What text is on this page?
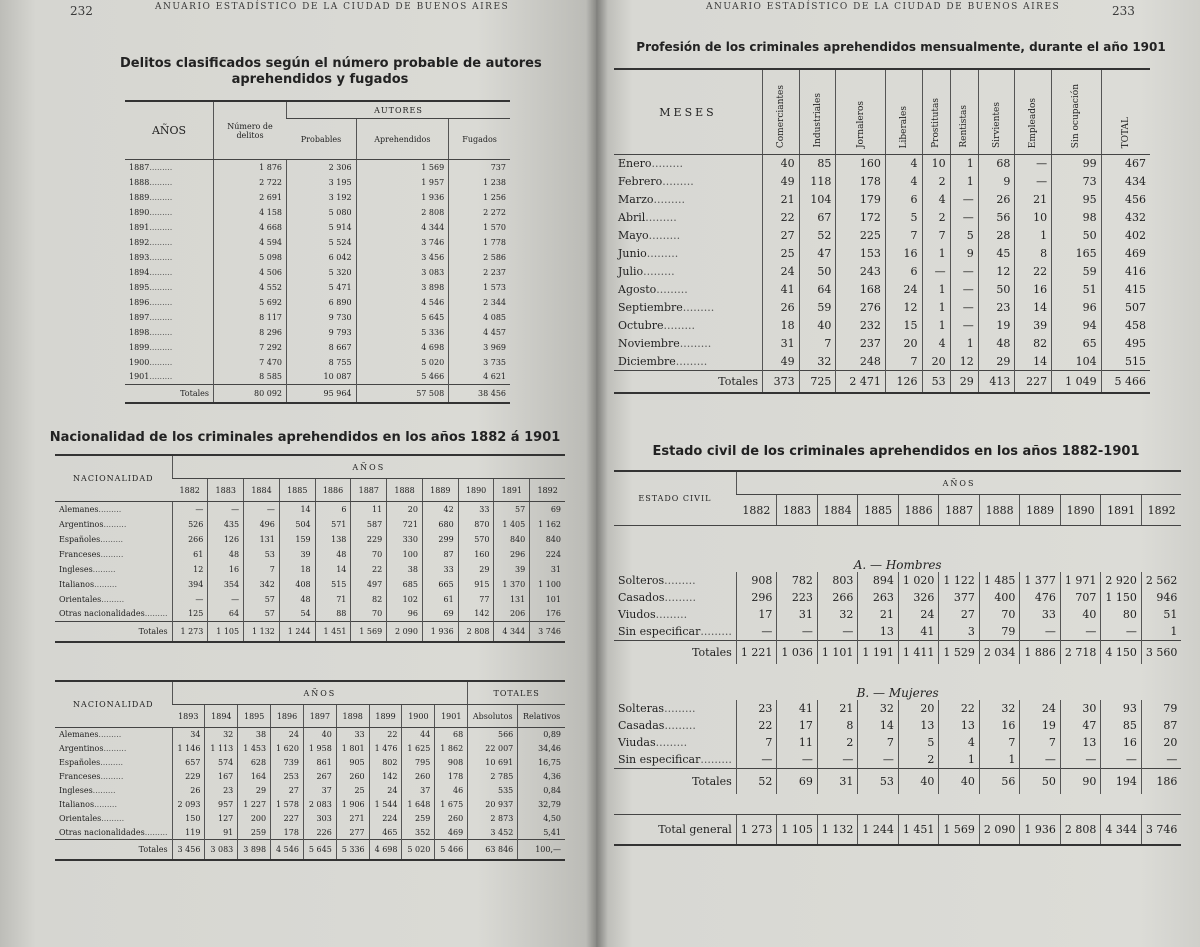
232	ANUARIO ESTADÍSTICO DE LA CIUDAD DE BUENOS AIRES
Delitos clasificados según el número probable de autores
aprehendidos y fugados
AÑOS	Número de delitos	AUTORES		
		Probables	Aprehendidos	Fugados
1887.........	1 876	2 306	1 569	737
1888.........	2 722	3 195	1 957	1 238
1889.........	2 691	3 192	1 936	1 256
1890.........	4 158	5 080	2 808	2 272
1891.........	4 668	5 914	4 344	1 570
1892.........	4 594	5 524	3 746	1 778
1893.........	5 098	6 042	3 456	2 586
1894.........	4 506	5 320	3 083	2 237
1895.........	4 552	5 471	3 898	1 573
1896.........	5 692	6 890	4 546	2 344
1897.........	8 117	9 730	5 645	4 085
1898.........	8 296	9 793	5 336	4 457
1899.........	7 292	8 667	4 698	3 969
1900.........	7 470	8 755	5 020	3 735
1901.........	8 585	10 087	5 466	4 621
Totales	80 092	95 964	57 508	38 456
Nacionalidad de los criminales aprehendidos en los años 1882 á 1901
NACIONALIDAD	AÑOS										
	1882	1883	1884	1885	1886	1887	1888	1889	1890	1891	1892
Alemanes.........	—	—	—	14	6	11	20	42	33	57	69
Argentinos.........	526	435	496	504	571	587	721	680	870	1 405	1 162
Españoles.........	266	126	131	159	138	229	330	299	570	840	840
Franceses.........	61	48	53	39	48	70	100	87	160	296	224
Ingleses.........	12	16	7	18	14	22	38	33	29	39	31
Italianos.........	394	354	342	408	515	497	685	665	915	1 370	1 100
Orientales.........	—	—	57	48	71	82	102	61	77	131	101
Otras nacionalidades.........	125	64	57	54	88	70	96	69	142	206	176
Totales	1 273	1 105	1 132	1 244	1 451	1 569	2 090	1 936	2 808	4 344	3 746
NACIONALIDAD	AÑOS									TOTALES	
	1893	1894	1895	1896	1897	1898	1899	1900	1901	Absolutos	Relativos
Alemanes.........	34	32	38	24	40	33	22	44	68	566	0,89
Argentinos.........	1 146	1 113	1 453	1 620	1 958	1 801	1 476	1 625	1 862	22 007	34,46
Españoles.........	657	574	628	739	861	905	802	795	908	10 691	16,75
Franceses.........	229	167	164	253	267	260	142	260	178	2 785	4,36
Ingleses.........	26	23	29	27	37	25	24	37	46	535	0,84
Italianos.........	2 093	957	1 227	1 578	2 083	1 906	1 544	1 648	1 675	20 937	32,79
Orientales.........	150	127	200	227	303	271	224	259	260	2 873	4,50
Otras nacionalidades.........	119	91	259	178	226	277	465	352	469	3 452	5,41
Totales	3 456	3 083	3 898	4 546	5 645	5 336	4 698	5 020	5 466	63 846	100,—
ANUARIO ESTADÍSTICO DE LA CIUDAD DE BUENOS AIRES	233
Profesión de los criminales aprehendidos mensualmente, durante el año 1901
MESES	Comerciantes	Industriales	Jornaleros	Liberales	Prostitutas	Rentistas	Sirvientes	Empleados	Sin ocupación	TOTAL
Enero.........	40	85	160	4	10	1	68	—	99	467
Febrero.........	49	118	178	4	2	1	9	—	73	434
Marzo.........	21	104	179	6	4	—	26	21	95	456
Abril.........	22	67	172	5	2	—	56	10	98	432
Mayo.........	27	52	225	7	7	5	28	1	50	402
Junio.........	25	47	153	16	1	9	45	8	165	469
Julio.........	24	50	243	6	—	—	12	22	59	416
Agosto.........	41	64	168	24	1	—	50	16	51	415
Septiembre.........	26	59	276	12	1	—	23	14	96	507
Octubre.........	18	40	232	15	1	—	19	39	94	458
Noviembre.........	31	7	237	20	4	1	48	82	65	495
Diciembre.........	49	32	248	7	20	12	29	14	104	515
Totales	373	725	2 471	126	53	29	413	227	1 049	5 466
Estado civil de los criminales aprehendidos en los años 1882-1901
ESTADO CIVIL	AÑOS										
	1882	1883	1884	1885	1886	1887	1888	1889	1890	1891	1892

A. — Hombres											
Solteros.........	908	782	803	894	1 020	1 122	1 485	1 377	1 971	2 920	2 562
Casados.........	296	223	266	263	326	377	400	476	707	1 150	946
Viudos.........	17	31	32	21	24	27	70	33	40	80	51
Sin especificar.........	—	—	—	13	41	3	79	—	—	—	1
Totales	1 221	1 036	1 101	1 191	1 411	1 529	2 034	1 886	2 718	4 150	3 560
B. — Mujeres											
Solteras.........	23	41	21	32	20	22	32	24	30	93	79
Casadas.........	22	17	8	14	13	13	16	19	47	85	87
Viudas.........	7	11	2	7	5	4	7	7	13	16	20
Sin especificar.........	—	—	—	—	2	1	1	—	—	—	—
Totales	52	69	31	53	40	40	56	50	90	194	186

Total general	1 273	1 105	1 132	1 244	1 451	1 569	2 090	1 936	2 808	4 344	3 746
